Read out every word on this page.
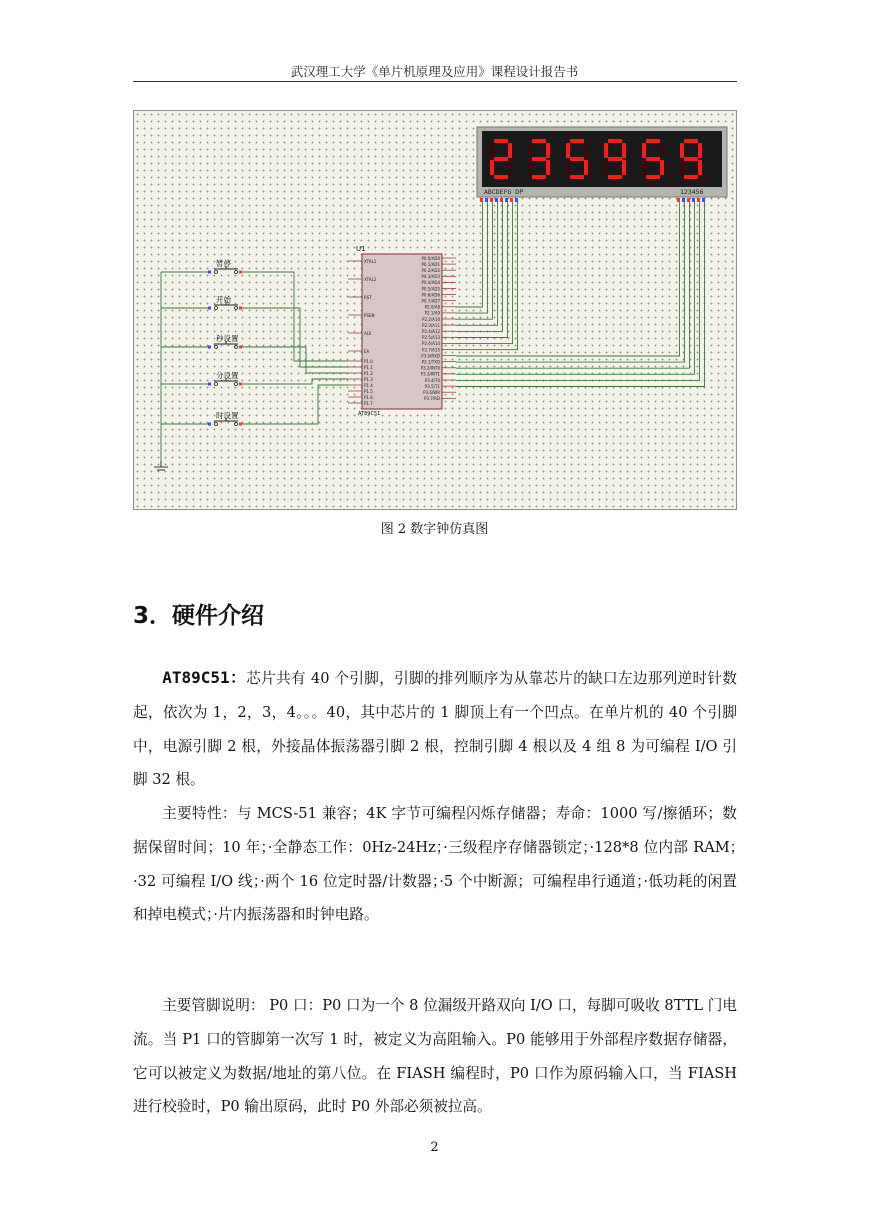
武汉理工大学《单片机原理及应用》课程设计报告书
ABCDEFG DP	123456
U1
XTAL1
XTAL2
RST
PSEN
ALE
EA
P1.0
P1.1
P1.2
P1.3
P1.4
P1.5
P1.6
P1.7
P0.0/AD0
P0.1/AD1
P0.2/AD2
P0.3/AD3
P0.4/AD4
P0.5/AD5
P0.6/AD6
P0.7/AD7
P2.0/A8
P2.1/A9
P2.2/A10
P2.3/A11
P2.4/A12
P2.5/A13
P2.6/A14
P2.7/A15
P3.0/RXD
P3.1/TXD
P3.2/INT0
P3.3/INT1
P3.4/T0
P3.5/T1
P3.6/WR
P3.7/RD
AT89C51
暂停
开始
秒设置
分设置
时设置
图 2 数字钟仿真图
3．硬件介绍

AT89C51：芯片共有 40 个引脚，引脚的排列顺序为从靠芯片的缺口左边那列逆时针数起，依次为 1，2，3，4。。。40，其中芯片的 1 脚顶上有一个凹点。在单片机的 40 个引脚中，电源引脚 2 根，外接晶体振荡器引脚 2 根，控制引脚 4 根以及 4 组 8 为可编程 I/O 引脚 32 根。

主要特性：与 MCS-51 兼容；4K 字节可编程闪烁存储器；寿命：1000 写/擦循环；数据保留时间；10 年；·全静态工作：0Hz-24Hz；·三级程序存储器锁定；·128*8 位内部 RAM；·32 可编程 I/O 线；·两个 16 位定时器/计数器；·5 个中断源；可编程串行通道；·低功耗的闲置和掉电模式；·片内振荡器和时钟电路。

主要管脚说明： P0 口：P0 口为一个 8 位漏级开路双向 I/O 口，每脚可吸收 8TTL 门电流。当 P1 口的管脚第一次写 1 时，被定义为高阻输入。P0 能够用于外部程序数据存储器，它可以被定义为数据/地址的第八位。在 FIASH 编程时，P0 口作为原码输入口，当 FIASH 进行校验时，P0 输出原码，此时 P0 外部必须被拉高。

2
